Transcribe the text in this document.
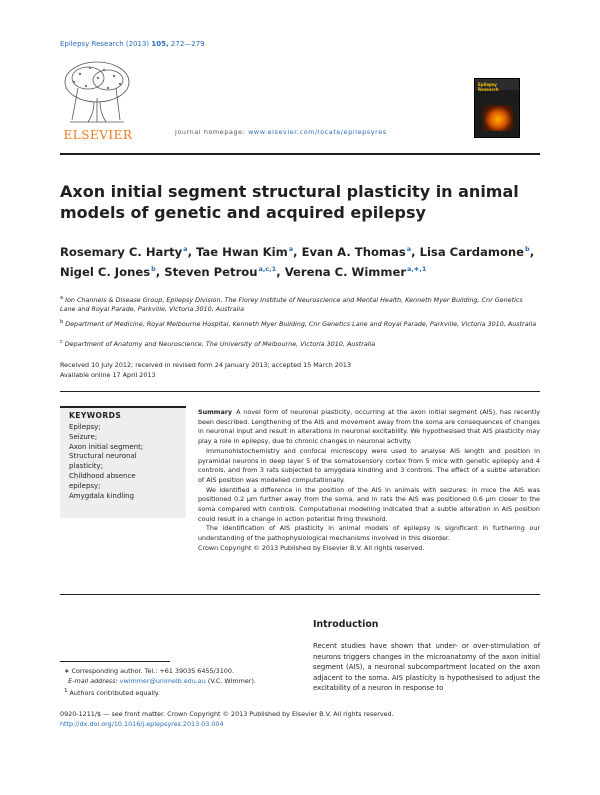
Epilepsy Research (2013) 105, 272—279
ELSEVIER	journal homepage: www.elsevier.com/locate/epilepsyres
Epilepsy Research
Axon initial segment structural plasticity in animal models of genetic and acquired epilepsy
Rosemary C. Harty$^a$, Tae Hwan Kim$^a$, Evan A. Thomas$^a$, Lisa Cardamone$^b$,
Nigel C. Jones$^b$, Steven Petrou$^{a,c,1}$, Verena C. Wimmer$^{a,∗,1}$
$^a$ Ion Channels & Disease Group, Epilepsy Division, The Florey Institute of Neuroscience and Mental Health, Kenneth Myer Building, Cnr Genetics Lane and Royal Parade, Parkville, Victoria 3010, Australia
$^b$ Department of Medicine, Royal Melbourne Hospital, Kenneth Myer Building, Cnr Genetics Lane and Royal Parade, Parkville, Victoria 3010, Australia
$^c$ Department of Anatomy and Neuroscience, The University of Melbourne, Victoria 3010, Australia
Received 10 July 2012; received in revised form 24 January 2013; accepted 15 March 2013
Available online 17 April 2013
KEYWORDS
Epilepsy;
Seizure;
Axon initial segment;
Structural neuronal
plasticity;
Childhood absence
epilepsy;
Amygdala kindling

Summary A novel form of neuronal plasticity, occurring at the axon initial segment (AIS), has recently been described. Lengthening of the AIS and movement away from the soma are consequences of changes in neuronal input and result in alterations in neuronal excitability. We hypothesised that AIS plasticity may play a role in epilepsy, due to chronic changes in neuronal activity.

Immunohistochemistry and confocal microscopy were used to analyse AIS length and position in pyramidal neurons in deep layer 5 of the somatosensory cortex from 5 mice with genetic epilepsy and 4 controls, and from 3 rats subjected to amygdala kindling and 3 controls. The effect of a subtle alteration of AIS position was modelled computationally.

We identified a difference in the position of the AIS in animals with seizures: in mice the AIS was positioned 0.2 μm further away from the soma, and in rats the AIS was positioned 0.6 μm closer to the soma compared with controls. Computational modelling indicated that a subtle alteration in AIS position could result in a change in action potential firing threshold.

The identification of AIS plasticity in animal models of epilepsy is significant in furthering our understanding of the pathophysiological mechanisms involved in this disorder.

Crown Copyright © 2013 Published by Elsevier B.V. All rights reserved.

Introduction
Recent studies have shown that under- or over-stimulation of neurons triggers changes in the microanatomy of the axon initial segment (AIS), a neuronal subcompartment located on the axon adjacent to the soma. AIS plasticity is hypothesised to adjust the excitability of a neuron in response to
∗ Corresponding author. Tel.: +61 39035 6455/3100.
E-mail address: vwimmer@unimelb.edu.au (V.C. Wimmer).
$^1$ Authors contributed equally.
0920-1211/$ — see front matter. Crown Copyright © 2013 Published by Elsevier B.V. All rights reserved.
http://dx.doi.org/10.1016/j.eplepsyres.2013.03.004
